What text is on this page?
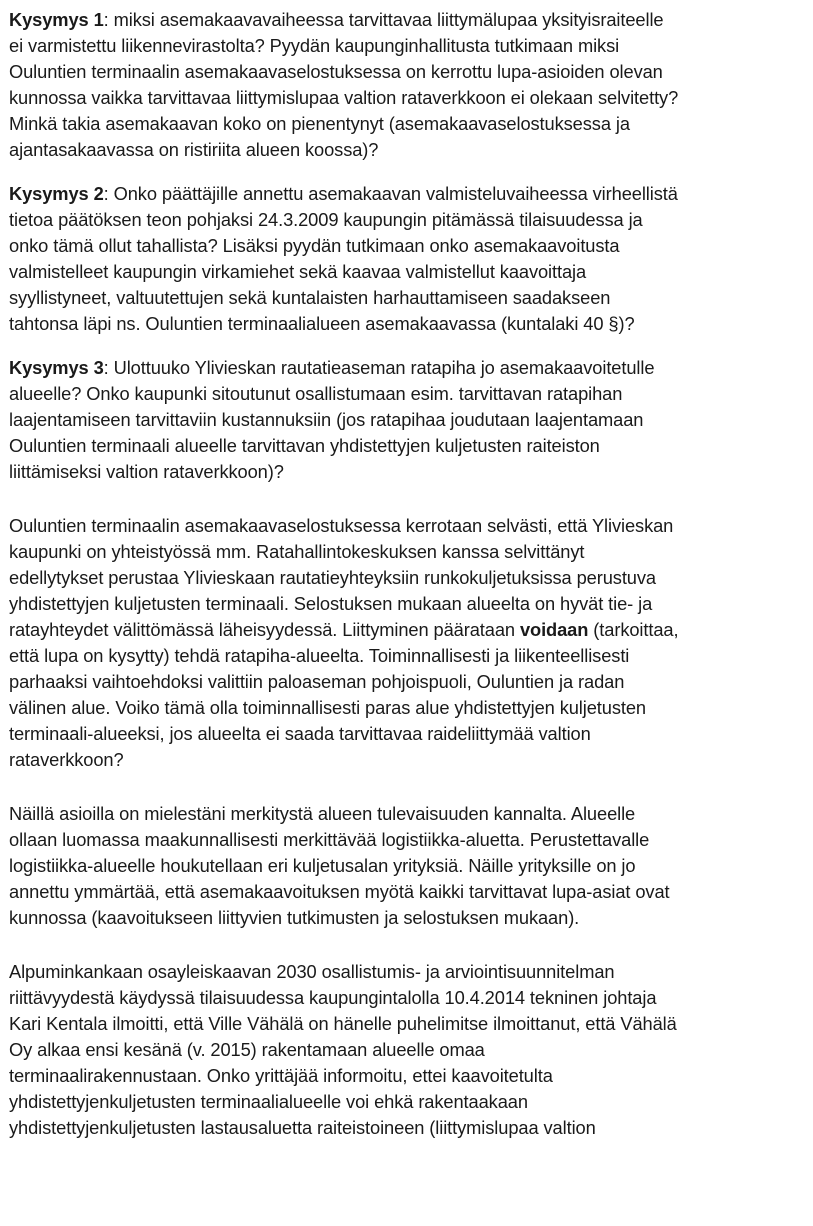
Kysymys 1: miksi asemakaavavaiheessa tarvittavaa liittymälupaa yksityisraiteelle
ei varmistettu liikennevirastolta? Pyydän kaupunginhallitusta tutkimaan miksi
Ouluntien terminaalin asemakaavaselostuksessa on kerrottu lupa-asioiden olevan
kunnossa vaikka tarvittavaa liittymislupaa valtion rataverkkoon ei olekaan selvitetty?
Minkä takia asemakaavan koko on pienentynyt (asemakaavaselostuksessa ja
ajantasakaavassa on ristiriita alueen koossa)?

Kysymys 2: Onko päättäjille annettu asemakaavan valmisteluvaiheessa virheellistä
tietoa päätöksen teon pohjaksi 24.3.2009 kaupungin pitämässä tilaisuudessa ja
onko tämä ollut tahallista? Lisäksi pyydän tutkimaan onko asemakaavoitusta
valmistelleet kaupungin virkamiehet sekä kaavaa valmistellut kaavoittaja
syyllistyneet, valtuutettujen sekä kuntalaisten harhauttamiseen saadakseen
tahtonsa läpi ns. Ouluntien terminaalialueen asemakaavassa (kuntalaki 40 §)?

Kysymys 3: Ulottuuko Ylivieskan rautatieaseman ratapiha jo asemakaavoitetulle
alueelle? Onko kaupunki sitoutunut osallistumaan esim. tarvittavan ratapihan
laajentamiseen tarvittaviin kustannuksiin (jos ratapihaa joudutaan laajentamaan
Ouluntien terminaali alueelle tarvittavan yhdistettyjen kuljetusten raiteiston
liittämiseksi valtion rataverkkoon)?

Ouluntien terminaalin asemakaavaselostuksessa kerrotaan selvästi, että Ylivieskan
kaupunki on yhteistyössä mm. Ratahallintokeskuksen kanssa selvittänyt
edellytykset perustaa Ylivieskaan rautatieyhteyksiin runkokuljetuksissa perustuva
yhdistettyjen kuljetusten terminaali. Selostuksen mukaan alueelta on hyvät tie- ja
ratayhteydet välittömässä läheisyydessä. Liittyminen päärataan voidaan (tarkoittaa,
että lupa on kysytty) tehdä ratapiha-alueelta. Toiminnallisesti ja liikenteellisesti
parhaaksi vaihtoehdoksi valittiin paloaseman pohjoispuoli, Ouluntien ja radan
välinen alue. Voiko tämä olla toiminnallisesti paras alue yhdistettyjen kuljetusten
terminaali-alueeksi, jos alueelta ei saada tarvittavaa raideliittymää valtion
rataverkkoon?

Näillä asioilla on mielestäni merkitystä alueen tulevaisuuden kannalta. Alueelle
ollaan luomassa maakunnallisesti merkittävää logistiikka-aluetta. Perustettavalle
logistiikka-alueelle houkutellaan eri kuljetusalan yrityksiä. Näille yrityksille on jo
annettu ymmärtää, että asemakaavoituksen myötä kaikki tarvittavat lupa-asiat ovat
kunnossa (kaavoitukseen liittyvien tutkimusten ja selostuksen mukaan).

Alpuminkankaan osayleiskaavan 2030 osallistumis- ja arviointisuunnitelman
riittävyydestä käydyssä tilaisuudessa kaupungintalolla 10.4.2014 tekninen johtaja
Kari Kentala ilmoitti, että Ville Vähälä on hänelle puhelimitse ilmoittanut, että Vähälä
Oy alkaa ensi kesänä (v. 2015) rakentamaan alueelle omaa
terminaalirakennustaan. Onko yrittäjää informoitu, ettei kaavoitetulta
yhdistettyjenkuljetusten terminaalialueelle voi ehkä rakentaakaan
yhdistettyjenkuljetusten lastausaluetta raiteistoineen (liittymislupaa valtion
